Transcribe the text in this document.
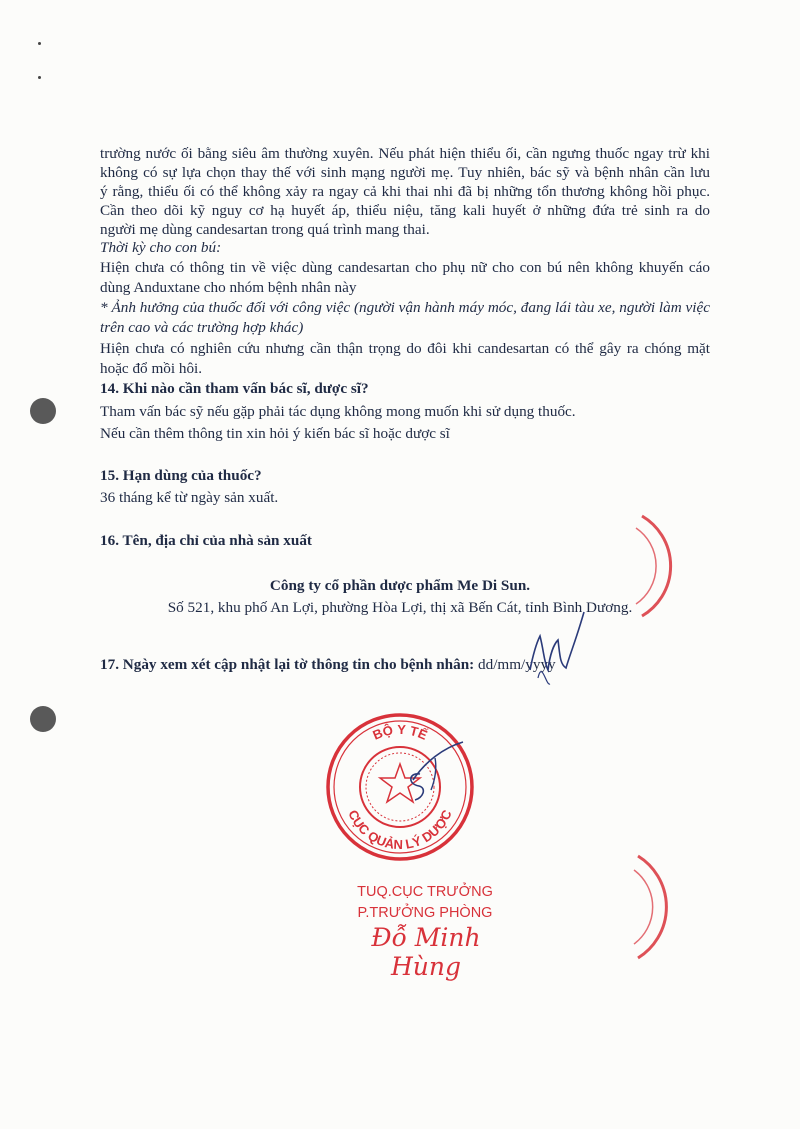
trường nước ối bằng siêu âm thường xuyên. Nếu phát hiện thiểu ối, cần ngưng thuốc ngay trừ khi
không có sự lựa chọn thay thế với sinh mạng người mẹ. Tuy nhiên, bác sỹ và bệnh nhân cần lưu
ý rằng, thiểu ối có thể không xảy ra ngay cả khi thai nhi đã bị những tổn thương không hồi phục.
Cần theo dõi kỹ nguy cơ hạ huyết áp, thiểu niệu, tăng kali huyết ở những đứa trẻ sinh ra do
người mẹ dùng candesartan trong quá trình mang thai.
Thời kỳ cho con bú:
Hiện chưa có thông tin về việc dùng candesartan cho phụ nữ cho con bú nên không khuyến cáo
dùng Anduxtane cho nhóm bệnh nhân này
* Ảnh hưởng của thuốc đối với công việc (người vận hành máy móc, đang lái tàu xe, người làm việc
trên cao và các trường hợp khác)
Hiện chưa có nghiên cứu nhưng cần thận trọng do đôi khi candesartan có thể gây ra chóng mặt
hoặc đổ mồi hôi.
14. Khi nào cần tham vấn bác sĩ, dược sĩ?
Tham vấn bác sỹ nếu gặp phải tác dụng không mong muốn khi sử dụng thuốc.
Nếu cần thêm thông tin xin hỏi ý kiến bác sĩ hoặc dược sĩ
15. Hạn dùng của thuốc?
36 tháng kể từ ngày sản xuất.
16. Tên, địa chỉ của nhà sản xuất
Công ty cổ phần dược phẩm Me Di Sun.
Số 521, khu phố An Lợi, phường Hòa Lợi, thị xã Bến Cát, tỉnh Bình Dương.
17. Ngày xem xét cập nhật lại tờ thông tin cho bệnh nhân: dd/mm/yyyy
BỘ Y TẾ
CỤC QUẢN LÝ DƯỢC
TUQ.CỤC TRƯỞNG
P.TRƯỞNG PHÒNG
Đỗ Minh Hùng
